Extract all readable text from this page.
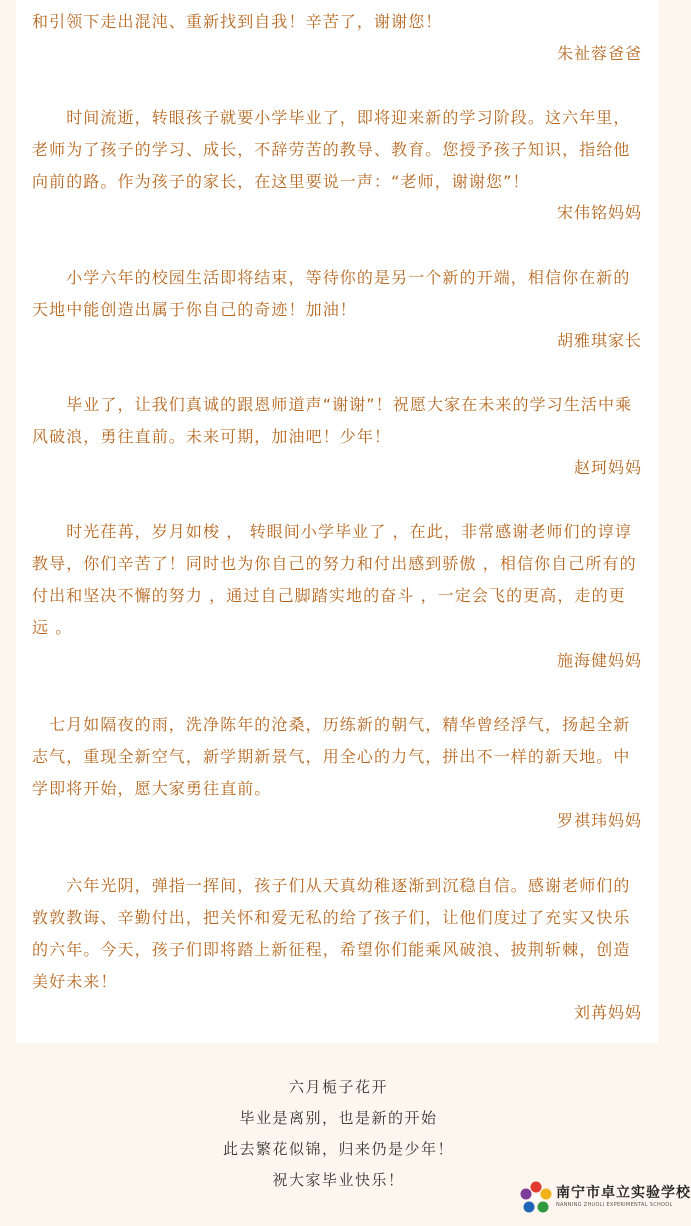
和引领下走出混沌、重新找到自我！辛苦了，谢谢您！

朱祉蓉爸爸

　　时间流逝，转眼孩子就要小学毕业了，即将迎来新的学习阶段。这六年里，老师为了孩子的学习、成长，不辞劳苦的教导、教育。您授予孩子知识，指给他向前的路。作为孩子的家长，在这里要说一声：“老师，谢谢您”！

宋伟铭妈妈

　　小学六年的校园生活即将结束，等待你的是另一个新的开端，相信你在新的天地中能创造出属于你自己的奇迹！加油！

胡雅琪家长

　　毕业了，让我们真诚的跟恩师道声“谢谢”！祝愿大家在未来的学习生活中乘风破浪，勇往直前。未来可期，加油吧！少年！

赵珂妈妈

　　时光荏苒，岁月如梭 ， 转眼间小学毕业了 ，在此，非常感谢老师们的谆谆教导，你们辛苦了！同时也为你自己的努力和付出感到骄傲 ，相信你自己所有的付出和坚决不懈的努力 ，通过自己脚踏实地的奋斗 ，一定会飞的更高，走的更远 。

施海健妈妈

　七月如隔夜的雨，洗净陈年的沧桑，历练新的朝气，精华曾经浮气，扬起全新志气，重现全新空气，新学期新景气，用全心的力气，拼出不一样的新天地。中学即将开始，愿大家勇往直前。

罗祺玮妈妈

　　六年光阴，弹指一挥间，孩子们从天真幼稚逐渐到沉稳自信。感谢老师们的敦敦教诲、辛勤付出，把关怀和爱无私的给了孩子们，让他们度过了充实又快乐的六年。今天，孩子们即将踏上新征程，希望你们能乘风破浪、披荆斩棘，创造美好未来！

刘苒妈妈
六月栀子花开
毕业是离别，也是新的开始
此去繁花似锦，归来仍是少年！
祝大家毕业快乐！
南宁市卓立实验学校
NANNING ZHUOLI EXPERIMENTAL SCHOOL
